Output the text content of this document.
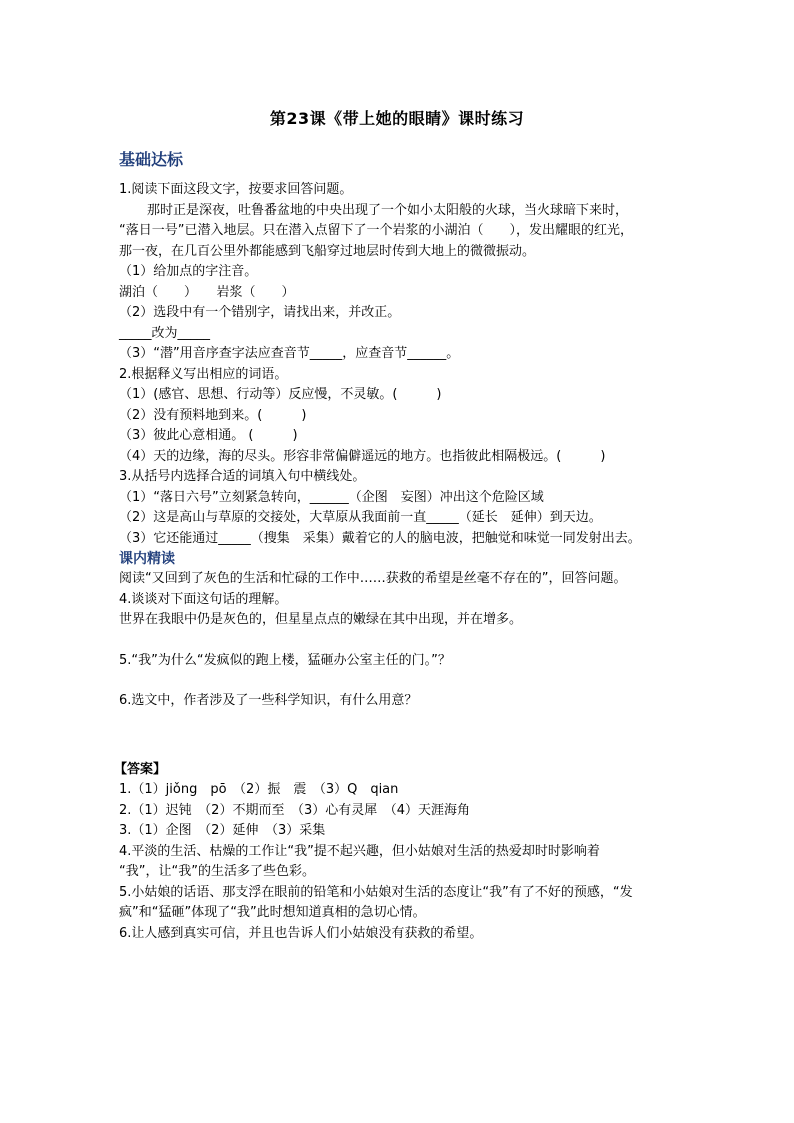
第23课《带上她的眼睛》课时练习
基础达标
1.阅读下面这段文字，按要求回答问题。
那时正是深夜，吐鲁番盆地的中央出现了一个如小太阳般的火球，当火球暗下来时，
“落日一号”已潜入地层。只在潜入点留下了一个岩浆的小湖泊（　　），发出耀眼的红光，
那一夜，在几百公里外都能感到飞船穿过地层时传到大地上的微微振动。
（1）给加点的字注音。
湖泊（　　）　　岩浆（　　）
（2）选段中有一个错别字，请找出来，并改正。
_____改为_____
（3）“潜”用音序查字法应查音节_____，应查音节______。
2.根据释义写出相应的词语。
（1）(感官、思想、行动等）反应慢，不灵敏。(　　　)
（2）没有预料地到来。(　　　)
（3）彼此心意相通。 (　　　)
（4）天的边缘，海的尽头。形容非常偏僻遥远的地方。也指彼此相隔极远。(　　　)
3.从括号内选择合适的词填入句中横线处。
（1）“落日六号”立刻紧急转向，______（企图　妄图）冲出这个危险区域
（2）这是高山与草原的交接处，大草原从我面前一直_____（延长　延伸）到天边。
（3）它还能通过_____（搜集　采集）戴着它的人的脑电波，把触觉和味觉一同发射出去。
课内精读
阅读“又回到了灰色的生活和忙碌的工作中……获救的希望是丝毫不存在的”，回答问题。
4.谈谈对下面这句话的理解。
世界在我眼中仍是灰色的，但星星点点的嫩绿在其中出现，并在增多。
5.“我”为什么“发疯似的跑上楼，猛砸办公室主任的门。”？
6.选文中，作者涉及了一些科学知识，有什么用意？
【答案】
1.（1）jiǒng　pō　（2）振　震　（3）Q　qian
2.（1）迟钝　（2）不期而至　（3）心有灵犀　（4）天涯海角
3.（1）企图　（2）延伸　（3）采集
4.平淡的生活、枯燥的工作让“我”提不起兴趣，但小姑娘对生活的热爱却时时影响着
“我”，让“我”的生活多了些色彩。
5.小姑娘的话语、那支浮在眼前的铅笔和小姑娘对生活的态度让“我”有了不好的预感，“发
疯”和“猛砸”体现了“我”此时想知道真相的急切心情。
6.让人感到真实可信，并且也告诉人们小姑娘没有获救的希望。
